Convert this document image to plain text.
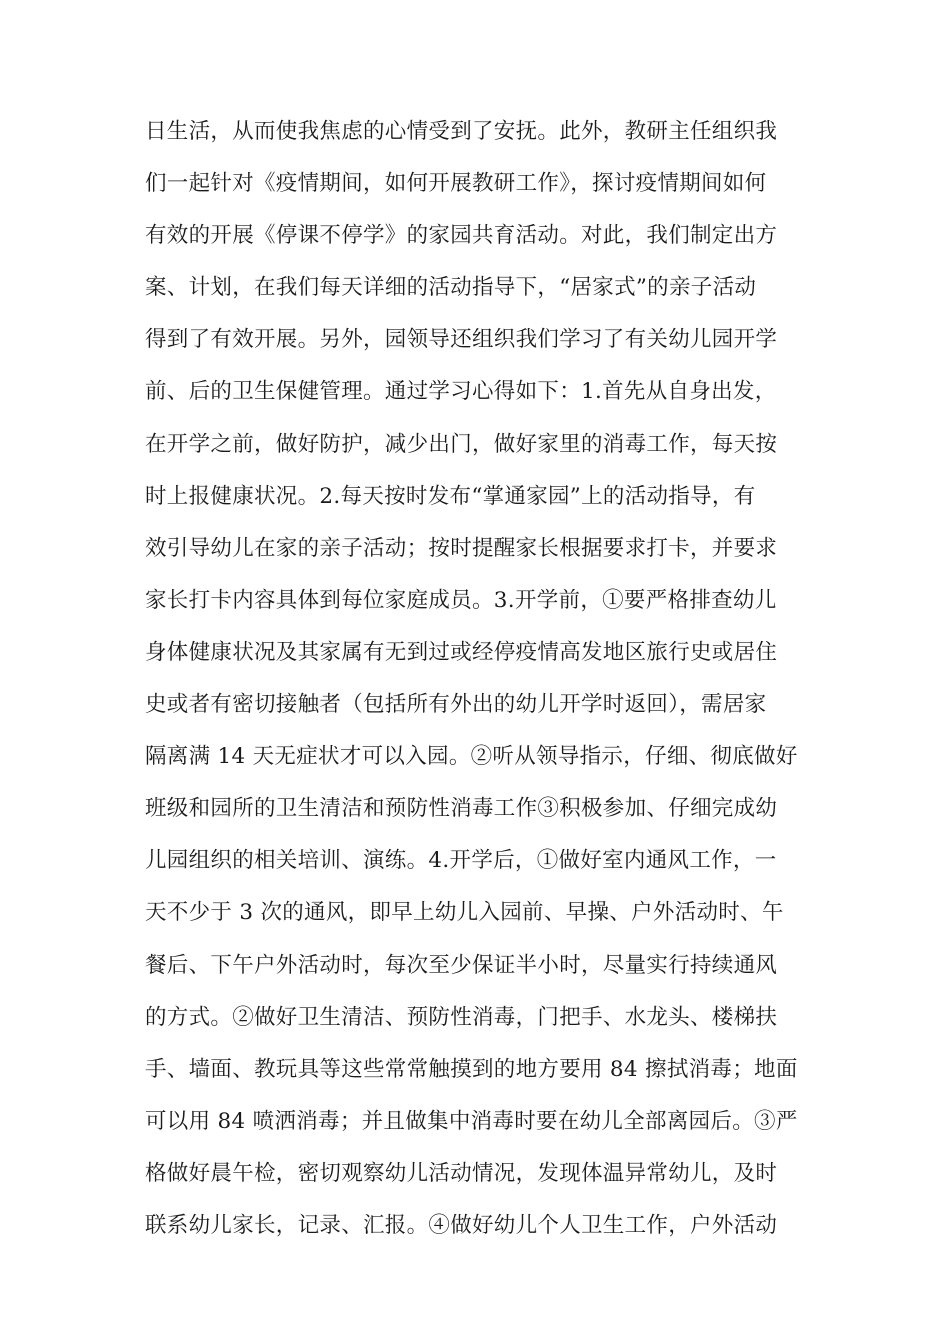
日生活，从而使我焦虑的心情受到了安抚。此外，教研主任组织我
们一起针对《疫情期间，如何开展教研工作》，探讨疫情期间如何
有效的开展《停课不停学》的家园共育活动。对此，我们制定出方
案、计划，在我们每天详细的活动指导下，“居家式”的亲子活动
得到了有效开展。另外，园领导还组织我们学习了有关幼儿园开学
前、后的卫生保健管理。通过学习心得如下：1.首先从自身出发，
在开学之前，做好防护，减少出门，做好家里的消毒工作，每天按
时上报健康状况。2.每天按时发布“掌通家园”上的活动指导，有
效引导幼儿在家的亲子活动；按时提醒家长根据要求打卡，并要求
家长打卡内容具体到每位家庭成员。3.开学前，①要严格排查幼儿
身体健康状况及其家属有无到过或经停疫情高发地区旅行史或居住
史或者有密切接触者（包括所有外出的幼儿开学时返回），需居家
隔离满 14 天无症状才可以入园。②听从领导指示，仔细、彻底做好
班级和园所的卫生清洁和预防性消毒工作③积极参加、仔细完成幼
儿园组织的相关培训、演练。4.开学后，①做好室内通风工作，一
天不少于 3 次的通风，即早上幼儿入园前、早操、户外活动时、午
餐后、下午户外活动时，每次至少保证半小时，尽量实行持续通风
的方式。②做好卫生清洁、预防性消毒，门把手、水龙头、楼梯扶
手、墙面、教玩具等这些常常触摸到的地方要用 84 擦拭消毒；地面
可以用 84 喷洒消毒；并且做集中消毒时要在幼儿全部离园后。③严
格做好晨午检，密切观察幼儿活动情况，发现体温异常幼儿，及时
联系幼儿家长，记录、汇报。④做好幼儿个人卫生工作，户外活动
